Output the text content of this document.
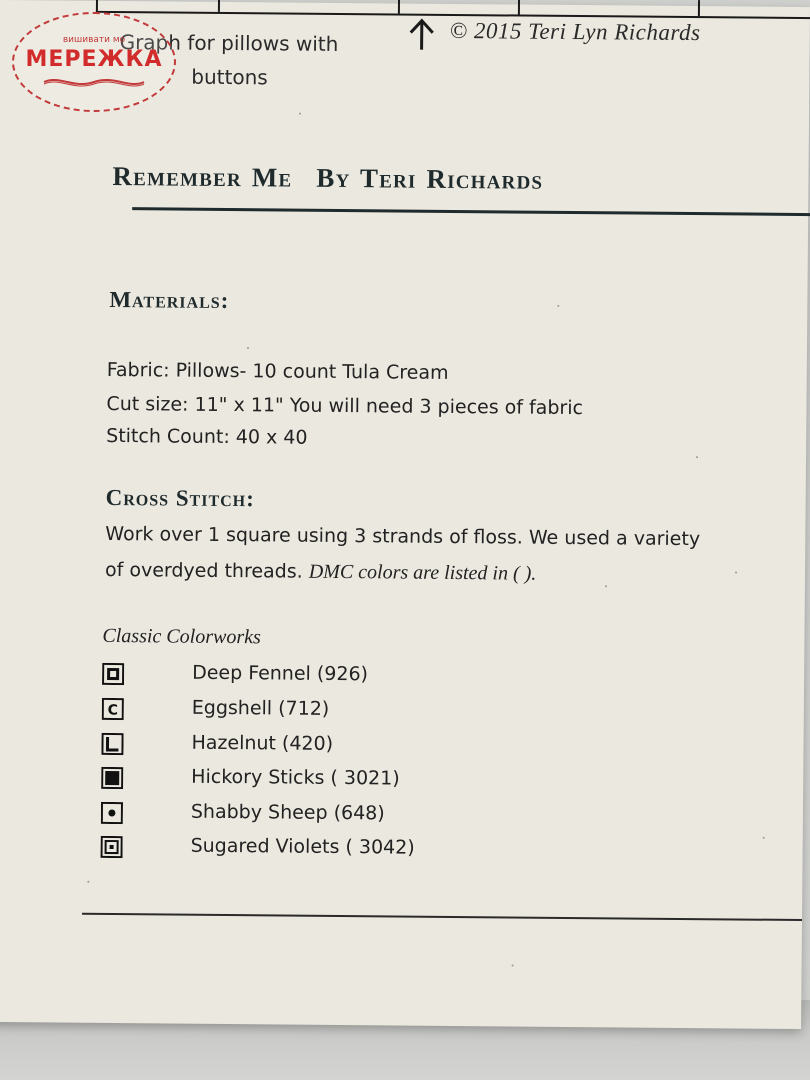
Graph for pillows with
buttons
© 2015 Teri Lyn Richards
Remember Me By Teri Richards
Materials:
Fabric: Pillows- 10 count Tula Cream
Cut size: 11" x 11" You will need 3 pieces of fabric
Stitch Count: 40 x 40
Cross Stitch:
Work over 1 square using 3 strands of floss. We used a variety
of overdyed threads. DMC colors are listed in ( ).
Classic Colorworks
Deep Fennel (926)
C	Eggshell (712)
Hazelnut (420)
Hickory Sticks ( 3021)
Shabby Sheep (648)
Sugared Violets ( 3042)
вишивати мо
МЕРЕЖКА
